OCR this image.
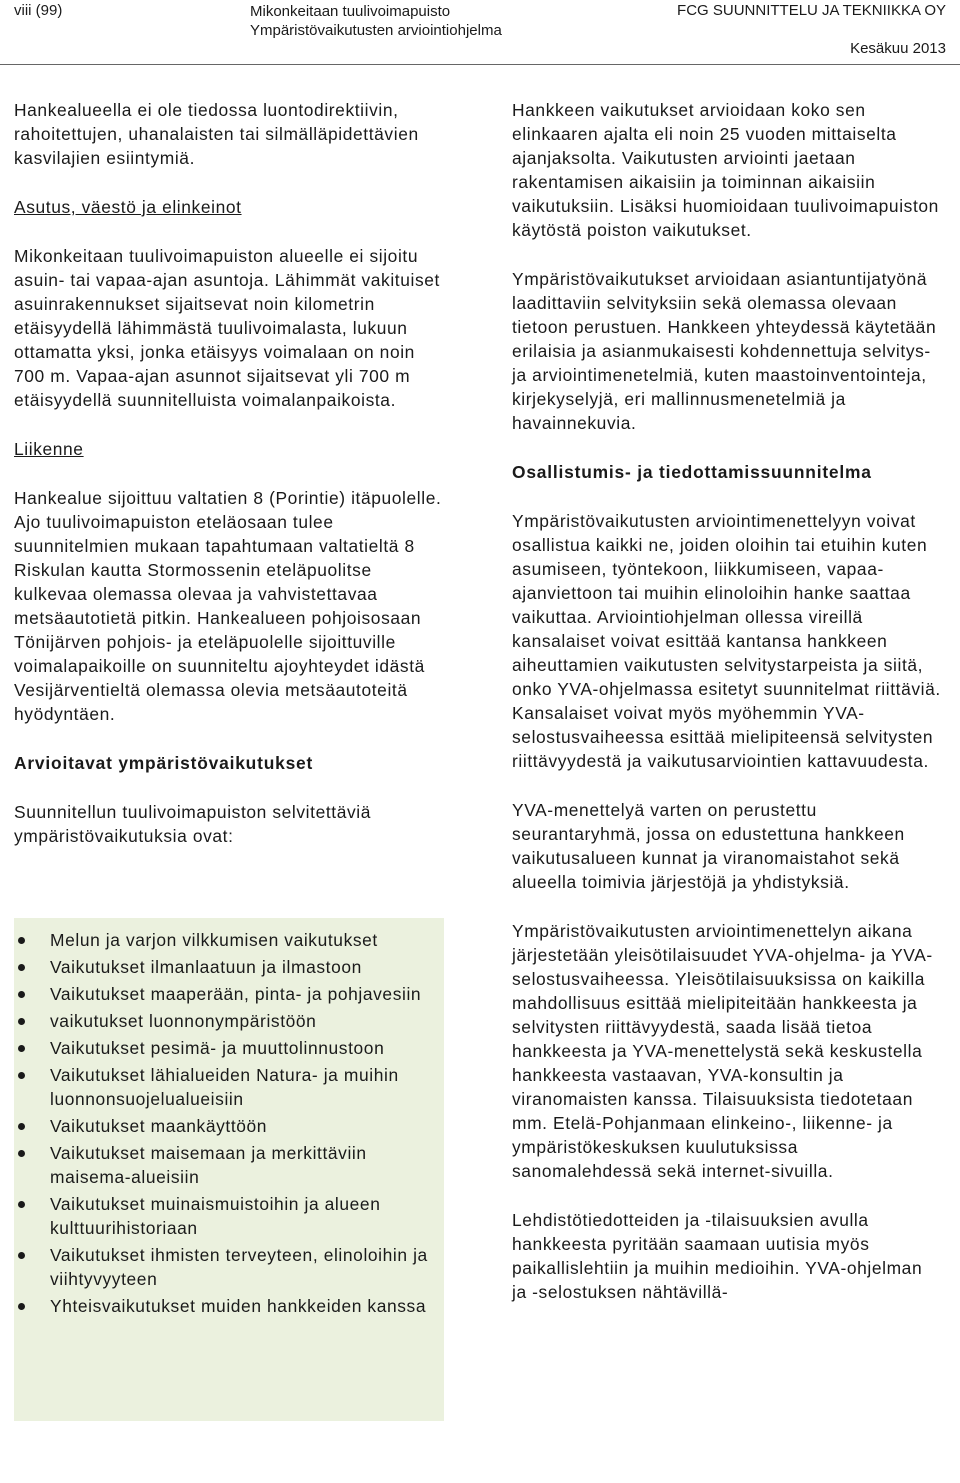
viii (99)	Mikonkeitaan tuulivoimapuisto
Ympäristövaikutusten arviointiohjelma
FCG SUUNNITTELU JA TEKNIIKKA OY
Kesäkuu 2013

Hankealueella ei ole tiedossa luontodirektiivin, rahoitettujen, uhanalaisten tai silmälläpidettävien kasvilajien esiintymiä.

Asutus, väestö ja elinkeinot

Mikonkeitaan tuulivoimapuiston alueelle ei sijoitu asuin- tai vapaa-ajan asuntoja. Lähimmät vakituiset asuinrakennukset sijaitsevat noin kilometrin etäisyydellä lähimmästä tuulivoimalasta, lukuun ottamatta yksi, jonka etäisyys voimalaan on noin 700 m. Vapaa-ajan asunnot sijaitsevat yli 700 m etäisyydellä suunnitelluista voimalanpaikoista.

Liikenne

Hankealue sijoittuu valtatien 8 (Porintie) itäpuolelle. Ajo tuulivoimapuiston eteläosaan tulee suunnitelmien mukaan tapahtumaan valtatieltä 8 Riskulan kautta Stormossenin eteläpuolitse kulkevaa olemassa olevaa ja vahvistettavaa metsäautotietä pitkin. Hankealueen pohjoisosaan Tönijärven pohjois- ja eteläpuolelle sijoittuville voimalapaikoille on suunniteltu ajoyhteydet idästä Vesijärventieltä olemassa olevia metsäautoteitä hyödyntäen.

Arvioitavat ympäristövaikutukset

Suunnitellun tuulivoimapuiston selvitettäviä ympäristövaikutuksia ovat:

Melun ja varjon vilkkumisen vaikutukset
Vaikutukset ilmanlaatuun ja ilmastoon
Vaikutukset maaperään, pinta- ja pohjavesiin
vaikutukset luonnonympäristöön
Vaikutukset pesimä- ja muuttolinnustoon
Vaikutukset lähialueiden Natura- ja muihin luonnonsuojelualueisiin
Vaikutukset maankäyttöön
Vaikutukset maisemaan ja merkittäviin maisema-alueisiin
Vaikutukset muinaismuistoihin ja alueen kulttuurihistoriaan
Vaikutukset ihmisten terveyteen, elinoloihin ja viihtyvyyteen
Yhteisvaikutukset muiden hankkeiden kanssa

Hankkeen vaikutukset arvioidaan koko sen elinkaaren ajalta eli noin 25 vuoden mittaiselta ajanjaksolta. Vaikutusten arviointi jaetaan rakentamisen aikaisiin ja toiminnan aikaisiin vaikutuksiin. Lisäksi huomioidaan tuulivoimapuiston käytöstä poiston vaikutukset.

Ympäristövaikutukset arvioidaan asiantuntijatyönä laadittaviin selvityksiin sekä olemassa olevaan tietoon perustuen. Hankkeen yhteydessä käytetään erilaisia ja asianmukaisesti kohdennettuja selvitys- ja arviointimenetelmiä, kuten maastoinventointeja, kirjekyselyjä, eri mallinnusmenetelmiä ja havainnekuvia.

Osallistumis- ja tiedottamissuunnitelma

Ympäristövaikutusten arviointimenettelyyn voivat osallistua kaikki ne, joiden oloihin tai etuihin kuten asumiseen, työntekoon, liikkumiseen, vapaa-ajanviettoon tai muihin elinoloihin hanke saattaa vaikuttaa. Arviointiohjelman ollessa vireillä kansalaiset voivat esittää kantansa hankkeen aiheuttamien vaikutusten selvitystarpeista ja siitä, onko YVA-ohjelmassa esitetyt suunnitelmat riittäviä. Kansalaiset voivat myös myöhemmin YVA-selostusvaiheessa esittää mielipiteensä selvitysten riittävyydestä ja vaikutusarviointien kattavuudesta.

YVA-menettelyä varten on perustettu seurantaryhmä, jossa on edustettuna hankkeen vaikutusalueen kunnat ja viranomaistahot sekä alueella toimivia järjestöjä ja yhdistyksiä.

Ympäristövaikutusten arviointimenettelyn aikana järjestetään yleisötilaisuudet YVA-ohjelma- ja YVA-selostusvaiheessa. Yleisötilaisuuksissa on kaikilla mahdollisuus esittää mielipiteitään hankkeesta ja selvitysten riittävyydestä, saada lisää tietoa hankkeesta ja YVA-menettelystä sekä keskustella hankkeesta vastaavan, YVA-konsultin ja viranomaisten kanssa. Tilaisuuksista tiedotetaan mm. Etelä-Pohjanmaan elinkeino-, liikenne- ja ympäristökeskuksen kuulutuksissa sanomalehdessä sekä internet-sivuilla.

Lehdistötiedotteiden ja -tilaisuuksien avulla hankkeesta pyritään saamaan uutisia myös paikallislehtiin ja muihin medioihin. YVA-ohjelman ja -selostuksen nähtävillä-
